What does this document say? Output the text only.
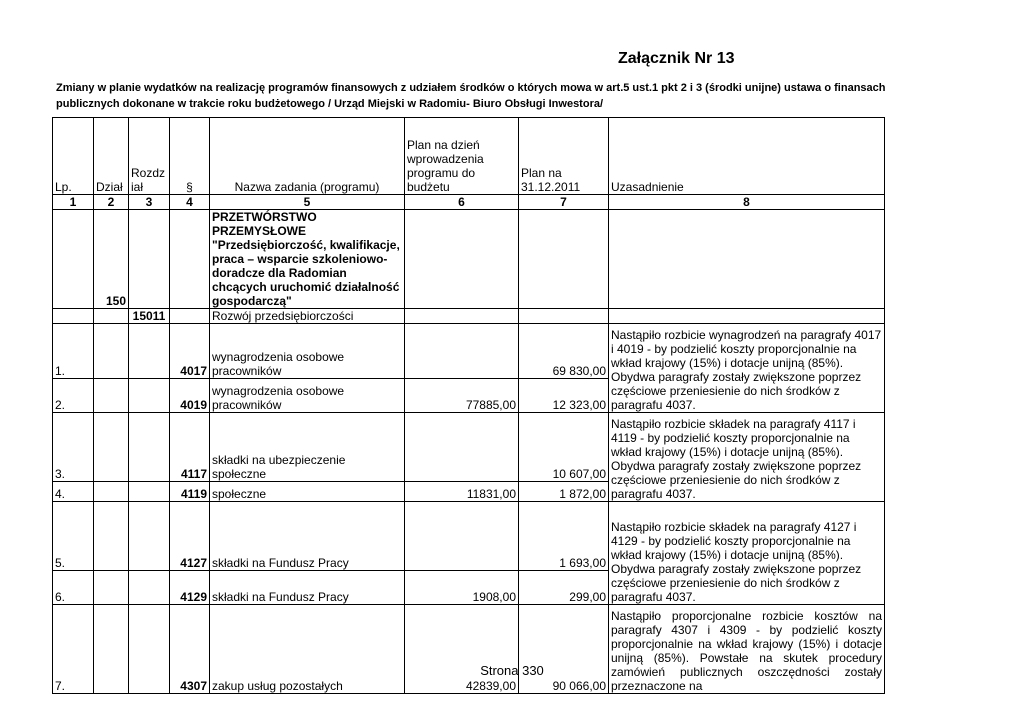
Załącznik Nr 13
Zmiany w planie wydatków na realizację programów finansowych z udziałem środków o których mowa w art.5 ust.1 pkt 2 i 3 (środki unijne) ustawa o finansach publicznych dokonane w trakcie roku budżetowego / Urząd Miejski w Radomiu- Biuro Obsługi Inwestora/
Lp.	Dział	Rozdz iał	§	Nazwa zadania (programu)	Plan na dzień wprowadzenia programu do budżetu	Plan na 31.12.2011	Uzasadnienie
1	2	3	4	5	6	7	8
	150			PRZETWÓRSTWO PRZEMYSŁOWE "Przedsiębiorczość, kwalifikacje, praca – wsparcie szkoleniowo-doradcze dla Radomian chcących uruchomić działalność gospodarczą"			
		15011		Rozwój przedsiębiorczości			
1.			4017	wynagrodzenia osobowe pracowników		69 830,00	Nastąpiło rozbicie wynagrodzeń na paragrafy 4017 i 4019 - by podzielić koszty proporcjonalnie na wkład krajowy (15%) i dotacje unijną (85%). Obydwa paragrafy zostały zwiększone poprzez częściowe przeniesienie do nich środków z paragrafu 4037.
2.			4019	wynagrodzenia osobowe pracowników	77885,00	12 323,00	
3.			4117	składki na ubezpieczenie społeczne		10 607,00	Nastąpiło rozbicie składek na paragrafy 4117 i 4119 - by podzielić koszty proporcjonalnie na wkład krajowy (15%) i dotacje unijną (85%). Obydwa paragrafy zostały zwiększone poprzez częściowe przeniesienie do nich środków z paragrafu 4037.
4.			4119	społeczne	11831,00	1 872,00	
5.			4127	składki na Fundusz Pracy		1 693,00	Nastąpiło rozbicie składek na paragrafy 4127 i 4129 - by podzielić koszty proporcjonalnie na wkład krajowy (15%) i dotacje unijną (85%). Obydwa paragrafy zostały zwiększone poprzez częściowe przeniesienie do nich środków z paragrafu 4037.
6.			4129	składki na Fundusz Pracy	1908,00	299,00	
7.			4307	zakup usług pozostałych	42839,00	90 066,00	Nastąpiło proporcjonalne rozbicie kosztów na paragrafy 4307 i 4309 - by podzielić koszty proporcjonalnie na wkład krajowy (15%) i dotacje unijną (85%). Powstałe na skutek procedury zamówień publicznych oszczędności zostały przeznaczone na
Strona 330
